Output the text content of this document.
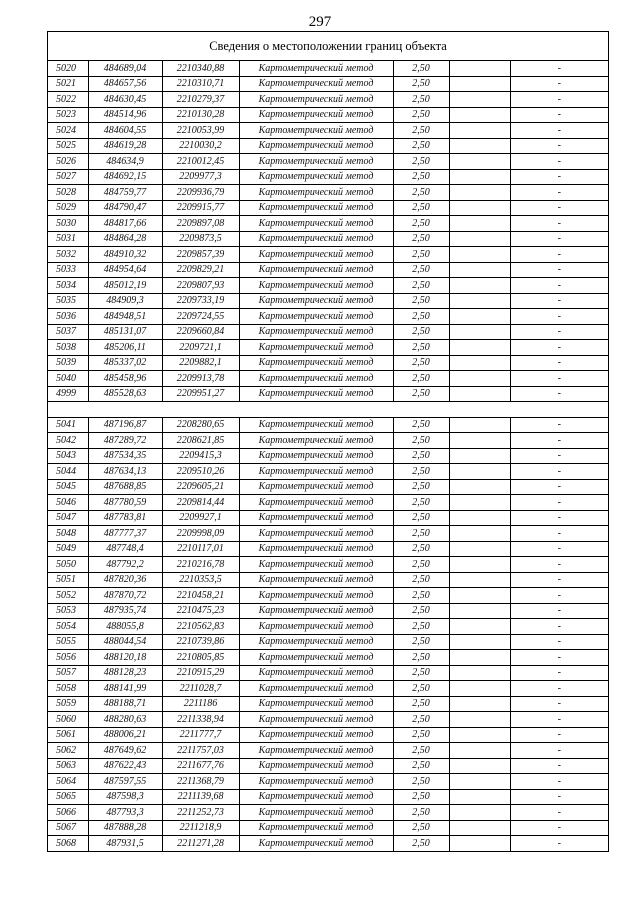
297
Сведения о местоположении границ объекта
5020	484689,04	2210340,88	Картометрический метод	2,50		-
5021	484657,56	2210310,71	Картометрический метод	2,50		-
5022	484630,45	2210279,37	Картометрический метод	2,50		-
5023	484514,96	2210130,28	Картометрический метод	2,50		-
5024	484604,55	2210053,99	Картометрический метод	2,50		-
5025	484619,28	2210030,2	Картометрический метод	2,50		-
5026	484634,9	2210012,45	Картометрический метод	2,50		-
5027	484692,15	2209977,3	Картометрический метод	2,50		-
5028	484759,77	2209936,79	Картометрический метод	2,50		-
5029	484790,47	2209915,77	Картометрический метод	2,50		-
5030	484817,66	2209897,08	Картометрический метод	2,50		-
5031	484864,28	2209873,5	Картометрический метод	2,50		-
5032	484910,32	2209857,39	Картометрический метод	2,50		-
5033	484954,64	2209829,21	Картометрический метод	2,50		-
5034	485012,19	2209807,93	Картометрический метод	2,50		-
5035	484909,3	2209733,19	Картометрический метод	2,50		-
5036	484948,51	2209724,55	Картометрический метод	2,50		-
5037	485131,07	2209660,84	Картометрический метод	2,50		-
5038	485206,11	2209721,1	Картометрический метод	2,50		-
5039	485337,02	2209882,1	Картометрический метод	2,50		-
5040	485458,96	2209913,78	Картометрический метод	2,50		-
4999	485528,63	2209951,27	Картометрический метод	2,50		-

5041	487196,87	2208280,65	Картометрический метод	2,50		-
5042	487289,72	2208621,85	Картометрический метод	2,50		-
5043	487534,35	2209415,3	Картометрический метод	2,50		-
5044	487634,13	2209510,26	Картометрический метод	2,50		-
5045	487688,85	2209605,21	Картометрический метод	2,50		-
5046	487780,59	2209814,44	Картометрический метод	2,50		-
5047	487783,81	2209927,1	Картометрический метод	2,50		-
5048	487777,37	2209998,09	Картометрический метод	2,50		-
5049	487748,4	2210117,01	Картометрический метод	2,50		-
5050	487792,2	2210216,78	Картометрический метод	2,50		-
5051	487820,36	2210353,5	Картометрический метод	2,50		-
5052	487870,72	2210458,21	Картометрический метод	2,50		-
5053	487935,74	2210475,23	Картометрический метод	2,50		-
5054	488055,8	2210562,83	Картометрический метод	2,50		-
5055	488044,54	2210739,86	Картометрический метод	2,50		-
5056	488120,18	2210805,85	Картометрический метод	2,50		-
5057	488128,23	2210915,29	Картометрический метод	2,50		-
5058	488141,99	2211028,7	Картометрический метод	2,50		-
5059	488188,71	2211186	Картометрический метод	2,50		-
5060	488280,63	2211338,94	Картометрический метод	2,50		-
5061	488006,21	2211777,7	Картометрический метод	2,50		-
5062	487649,62	2211757,03	Картометрический метод	2,50		-
5063	487622,43	2211677,76	Картометрический метод	2,50		-
5064	487597,55	2211368,79	Картометрический метод	2,50		-
5065	487598,3	2211139,68	Картометрический метод	2,50		-
5066	487793,3	2211252,73	Картометрический метод	2,50		-
5067	487888,28	2211218,9	Картометрический метод	2,50		-
5068	487931,5	2211271,28	Картометрический метод	2,50		-
